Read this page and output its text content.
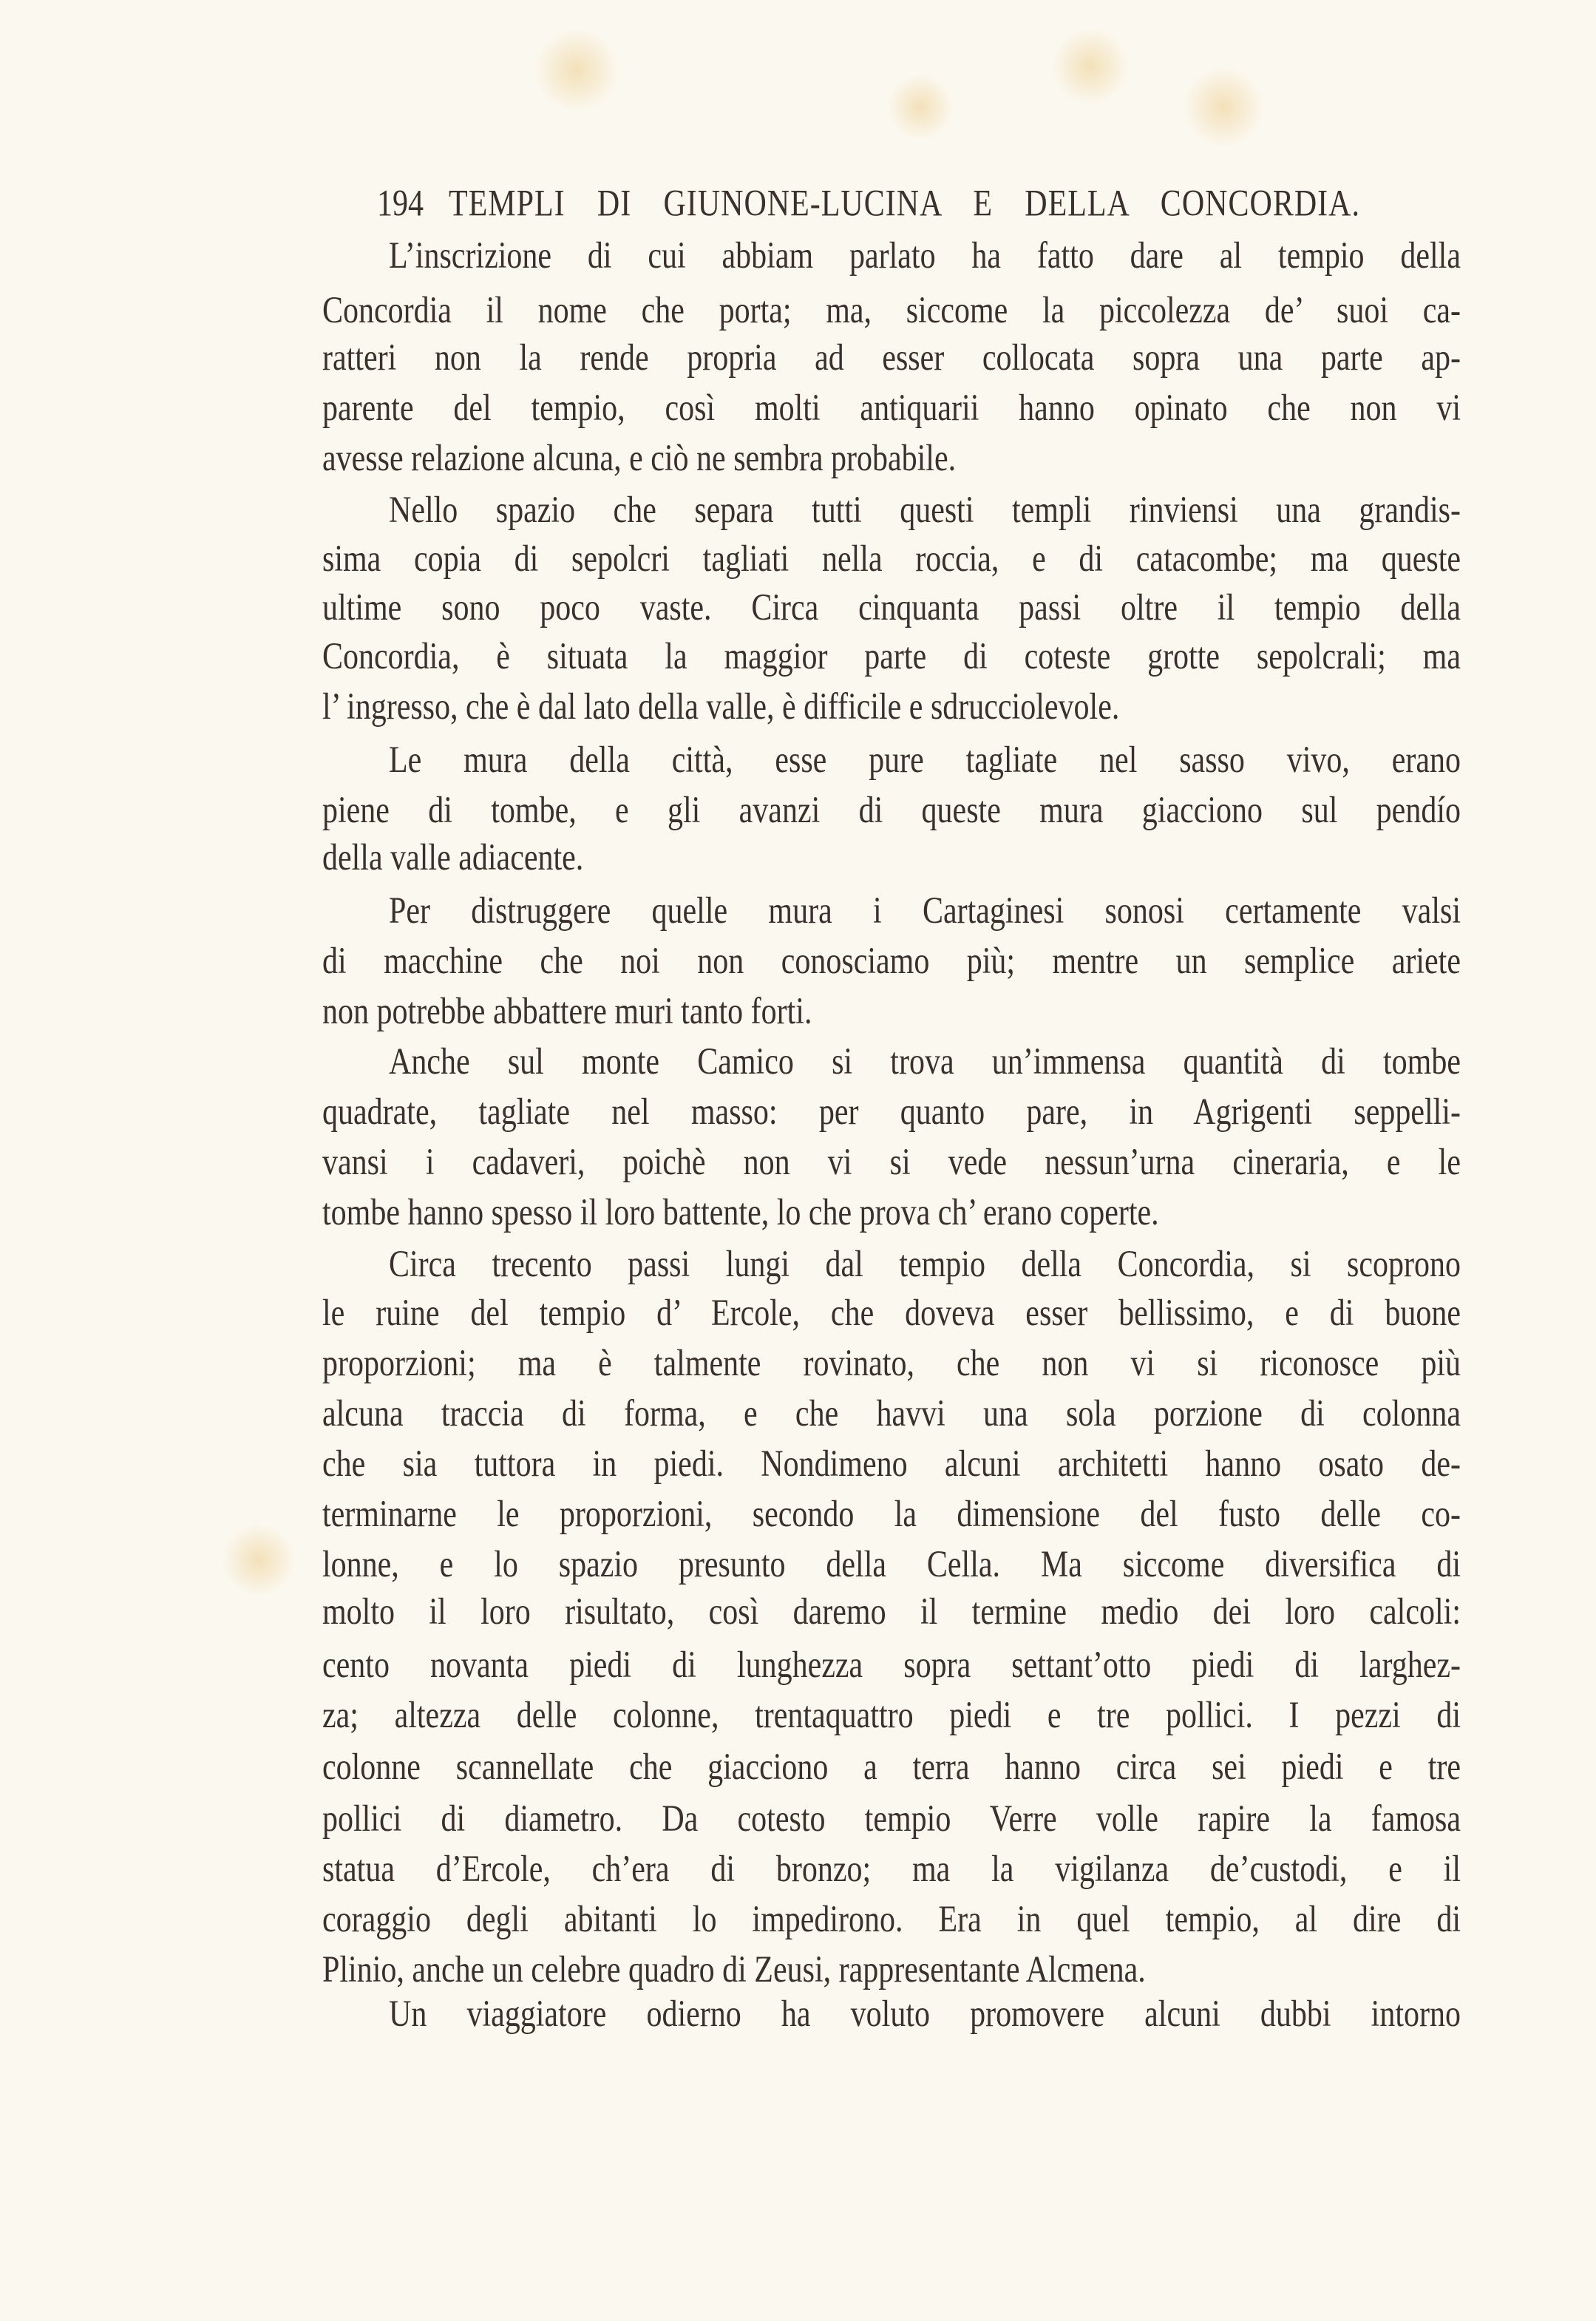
194 TEMPLI DI GIUNONE-LUCINA E DELLA CONCORDIA.
L’inscrizione di cui abbiam parlato ha fatto dare al tempio della
Concordia il nome che porta; ma, siccome la piccolezza de’ suoi ca-
ratteri non la rende propria ad esser collocata sopra una parte ap-
parente del tempio, così molti antiquarii hanno opinato che non vi
avesse relazione alcuna, e ciò ne sembra probabile.
Nello spazio che separa tutti questi templi rinviensi una grandis-
sima copia di sepolcri tagliati nella roccia, e di catacombe; ma queste
ultime sono poco vaste. Circa cinquanta passi oltre il tempio della
Concordia, è situata la maggior parte di coteste grotte sepolcrali; ma
l’ ingresso, che è dal lato della valle, è difficile e sdrucciolevole.
Le mura della città, esse pure tagliate nel sasso vivo, erano
piene di tombe, e gli avanzi di queste mura giacciono sul pendío
della valle adiacente.
Per distruggere quelle mura i Cartaginesi sonosi certamente valsi
di macchine che noi non conosciamo più; mentre un semplice ariete
non potrebbe abbattere muri tanto forti.
Anche sul monte Camico si trova un’immensa quantità di tombe
quadrate, tagliate nel masso: per quanto pare, in Agrigenti seppelli-
vansi i cadaveri, poichè non vi si vede nessun’urna cineraria, e le
tombe hanno spesso il loro battente, lo che prova ch’ erano coperte.
Circa trecento passi lungi dal tempio della Concordia, si scoprono
le ruine del tempio d’ Ercole, che doveva esser bellissimo, e di buone
proporzioni; ma è talmente rovinato, che non vi si riconosce più
alcuna traccia di forma, e che havvi una sola porzione di colonna
che sia tuttora in piedi. Nondimeno alcuni architetti hanno osato de-
terminarne le proporzioni, secondo la dimensione del fusto delle co-
lonne, e lo spazio presunto della Cella. Ma siccome diversifica di
molto il loro risultato, così daremo il termine medio dei loro calcoli:
cento novanta piedi di lunghezza sopra settant’otto piedi di larghez-
za; altezza delle colonne, trentaquattro piedi e tre pollici. I pezzi di
colonne scannellate che giacciono a terra hanno circa sei piedi e tre
pollici di diametro. Da cotesto tempio Verre volle rapire la famosa
statua d’Ercole, ch’era di bronzo; ma la vigilanza de’custodi, e il
coraggio degli abitanti lo impedirono. Era in quel tempio, al dire di
Plinio, anche un celebre quadro di Zeusi, rappresentante Alcmena.
Un viaggiatore odierno ha voluto promovere alcuni dubbi intorno
